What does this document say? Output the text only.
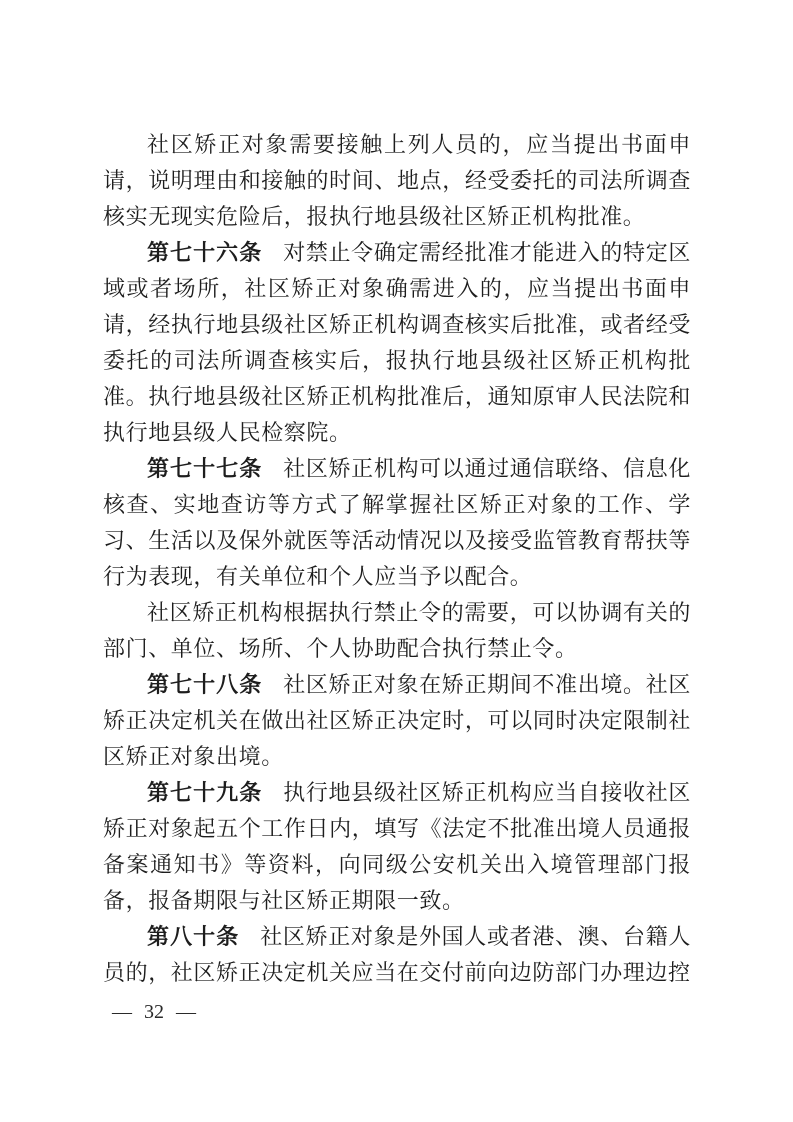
社区矫正对象需要接触上列人员的，应当提出书面申请，说明理由和接触的时间、地点，经受委托的司法所调查核实无现实危险后，报执行地县级社区矫正机构批准。

第七十六条 对禁止令确定需经批准才能进入的特定区域或者场所，社区矫正对象确需进入的，应当提出书面申请，经执行地县级社区矫正机构调查核实后批准，或者经受委托的司法所调查核实后，报执行地县级社区矫正机构批准。执行地县级社区矫正机构批准后，通知原审人民法院和执行地县级人民检察院。

第七十七条 社区矫正机构可以通过通信联络、信息化核查、实地查访等方式了解掌握社区矫正对象的工作、学习、生活以及保外就医等活动情况以及接受监管教育帮扶等行为表现，有关单位和个人应当予以配合。

社区矫正机构根据执行禁止令的需要，可以协调有关的部门、单位、场所、个人协助配合执行禁止令。

第七十八条 社区矫正对象在矫正期间不准出境。社区矫正决定机关在做出社区矫正决定时，可以同时决定限制社区矫正对象出境。

第七十九条 执行地县级社区矫正机构应当自接收社区矫正对象起五个工作日内，填写《法定不批准出境人员通报备案通知书》等资料，向同级公安机关出入境管理部门报备，报备期限与社区矫正期限一致。

第八十条 社区矫正对象是外国人或者港、澳、台籍人员的，社区矫正决定机关应当在交付前向边防部门办理边控

— 32 —
